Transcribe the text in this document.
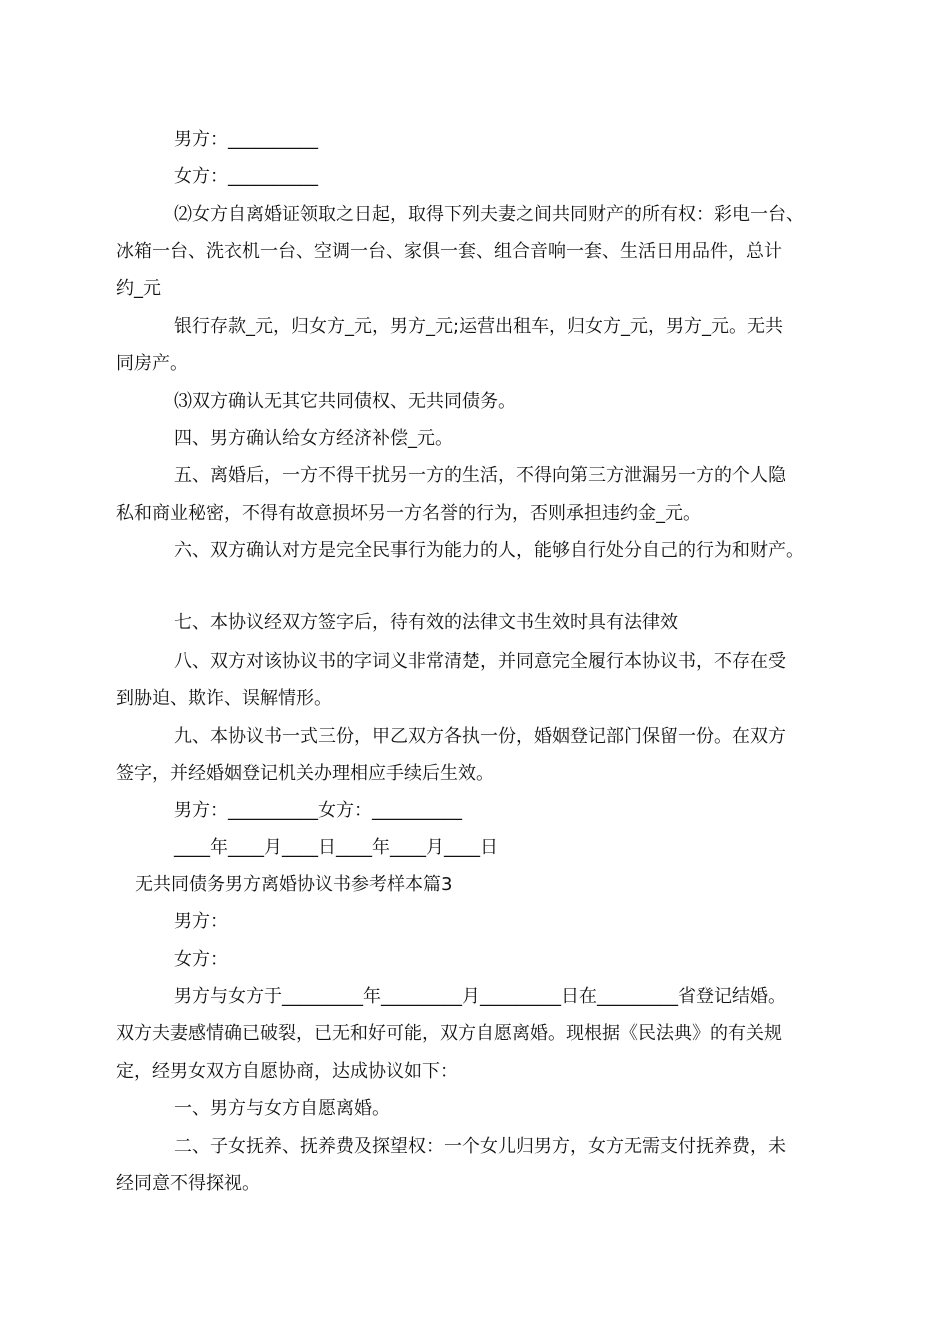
男方：__________
女方：__________
⑵女方自离婚证领取之日起，取得下列夫妻之间共同财产的所有权：彩电一台、
冰箱一台、洗衣机一台、空调一台、家俱一套、组合音响一套、生活日用品件，总计
约_元
银行存款_元，归女方_元，男方_元;运营出租车，归女方_元，男方_元。无共
同房产。
⑶双方确认无其它共同债权、无共同债务。
四、男方确认给女方经济补偿_元。
五、离婚后，一方不得干扰另一方的生活，不得向第三方泄漏另一方的个人隐
私和商业秘密，不得有故意损坏另一方名誉的行为，否则承担违约金_元。
六、双方确认对方是完全民事行为能力的人，能够自行处分自己的行为和财产。
七、本协议经双方签字后，待有效的法律文书生效时具有法律效
八、双方对该协议书的字词义非常清楚，并同意完全履行本协议书，不存在受
到胁迫、欺诈、误解情形。
九、本协议书一式三份，甲乙双方各执一份，婚姻登记部门保留一份。在双方
签字，并经婚姻登记机关办理相应手续后生效。
男方：__________女方：__________
____年____月____日____年____月____日
无共同债务男方离婚协议书参考样本篇3
男方：
女方：
男方与女方于_________年_________月_________日在_________省登记结婚。
双方夫妻感情确已破裂，已无和好可能，双方自愿离婚。现根据《民法典》的有关规
定，经男女双方自愿协商，达成协议如下：
一、男方与女方自愿离婚。
二、子女抚养、抚养费及探望权：一个女儿归男方，女方无需支付抚养费，未
经同意不得探视。
